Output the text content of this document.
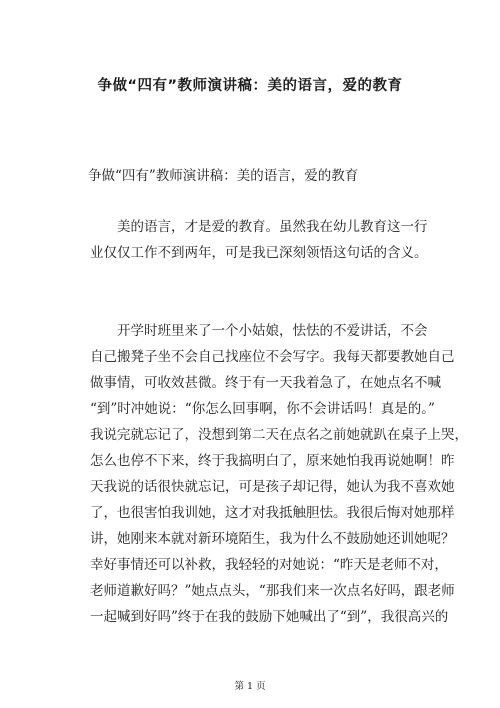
争做“四有”教师演讲稿：美的语言，爱的教育
争做“四有”教师演讲稿：美的语言，爱的教育

　　美的语言，才是爱的教育。虽然我在幼儿教育这一行

业仅仅工作不到两年，可是我已深刻领悟这句话的含义。

　　开学时班里来了一个小姑娘，怯怯的不爱讲话，不会

自己搬凳子坐不会自己找座位不会写字。我每天都要教她自己

做事情，可收效甚微。终于有一天我着急了，在她点名不喊

“到”时冲她说：“你怎么回事啊，你不会讲话吗！真是的。”

我说完就忘记了，没想到第二天在点名之前她就趴在桌子上哭，

怎么也停不下来，终于我搞明白了，原来她怕我再说她啊！昨

天我说的话很快就忘记，可是孩子却记得，她认为我不喜欢她

了，也很害怕我训她，这才对我抵触胆怯。我很后悔对她那样

讲，她刚来本就对新环境陌生，我为什么不鼓励她还训她呢？

幸好事情还可以补救，我轻轻的对她说：“昨天是老师不对，

老师道歉好吗？”她点点头，“那我们来一次点名好吗，跟老师

一起喊到好吗”终于在我的鼓励下她喊出了“到”，我很高兴的

第 1 页
